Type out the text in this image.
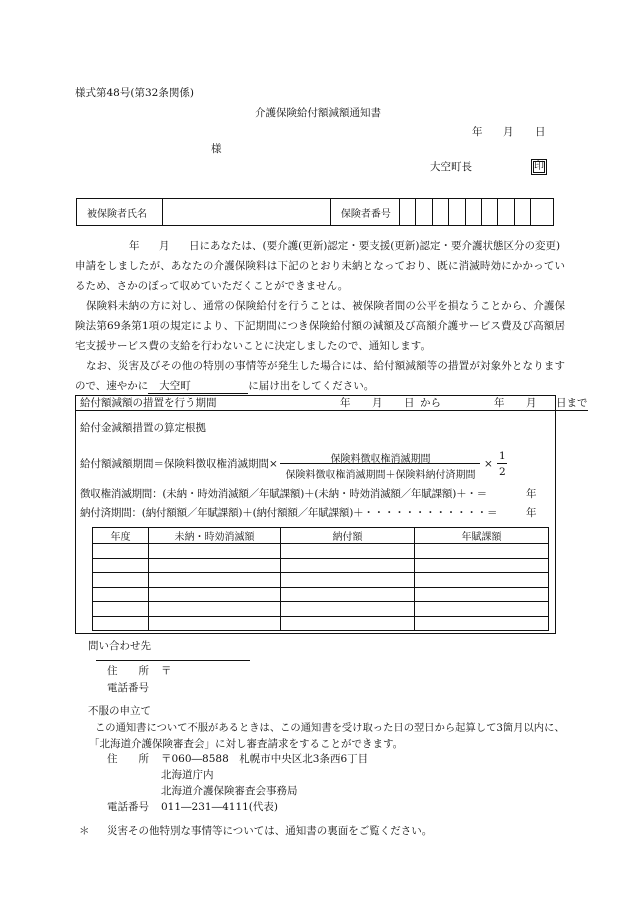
様式第48号(第32条関係)
介護保険給付額減額通知書
年 月 日
様
大空町長	印
被保険者氏名		保険者番号									
年 月 日にあなたは、(要介護(更新)認定・要支援(更新)認定・要介護状態区分の変更)
申請をしましたが、あなたの介護保険料は下記のとおり未納となっており、既に消滅時効にかかっているため、さかのぼって収めていただくことができません。
保険料未納の方に対し、通常の保険給付を行うことは、被保険者間の公平を損なうことから、介護保険法第69条第1項の規定により、下記期間につき保険給付額の減額及び高額介護サービス費及び高額居宅支援サービス費の支給を行わないことに決定しましたので、通知します。
なお、災害及びその他の特別の事情等が発生した場合には、給付額減額等の措置が対象外となりますので、速やかに 大空町	に届け出をしてください。
給付額減額の措置を行う期間	年 月 日 から	年 月 日まで
給付金減額措置の算定根拠
給付額減額期間＝保険料徴収権消滅期間×	保険料徴収権消滅期間
保険料徴収権消滅期間＋保険料納付済期間
×
1
2
徴収権消滅期間：(未納・時効消滅額／年賦課額)＋(未納・時効消滅額／年賦課額)＋・＝	年
納付済期間：(納付額額／年賦課額)＋(納付額額／年賦課額)＋・・・・・・・・・・・・＝	年
年度	未納・時効消滅額	納付額	年賦課額

問い合わせ先
住　　所 〒
電話番号
不服の申立て
この通知書について不服があるときは、この通知書を受け取った日の翌日から起算して3箇月以内に、
「北海道介護保険審査会」に対し審査請求をすることができます。
住　　所 〒060―8588　札幌市中央区北3条西6丁目
北海道庁内
北海道介護保険審査会事務局
電話番号 011―231―4111(代表)
＊ 災害その他特別な事情等については、通知書の裏面をご覧ください。
